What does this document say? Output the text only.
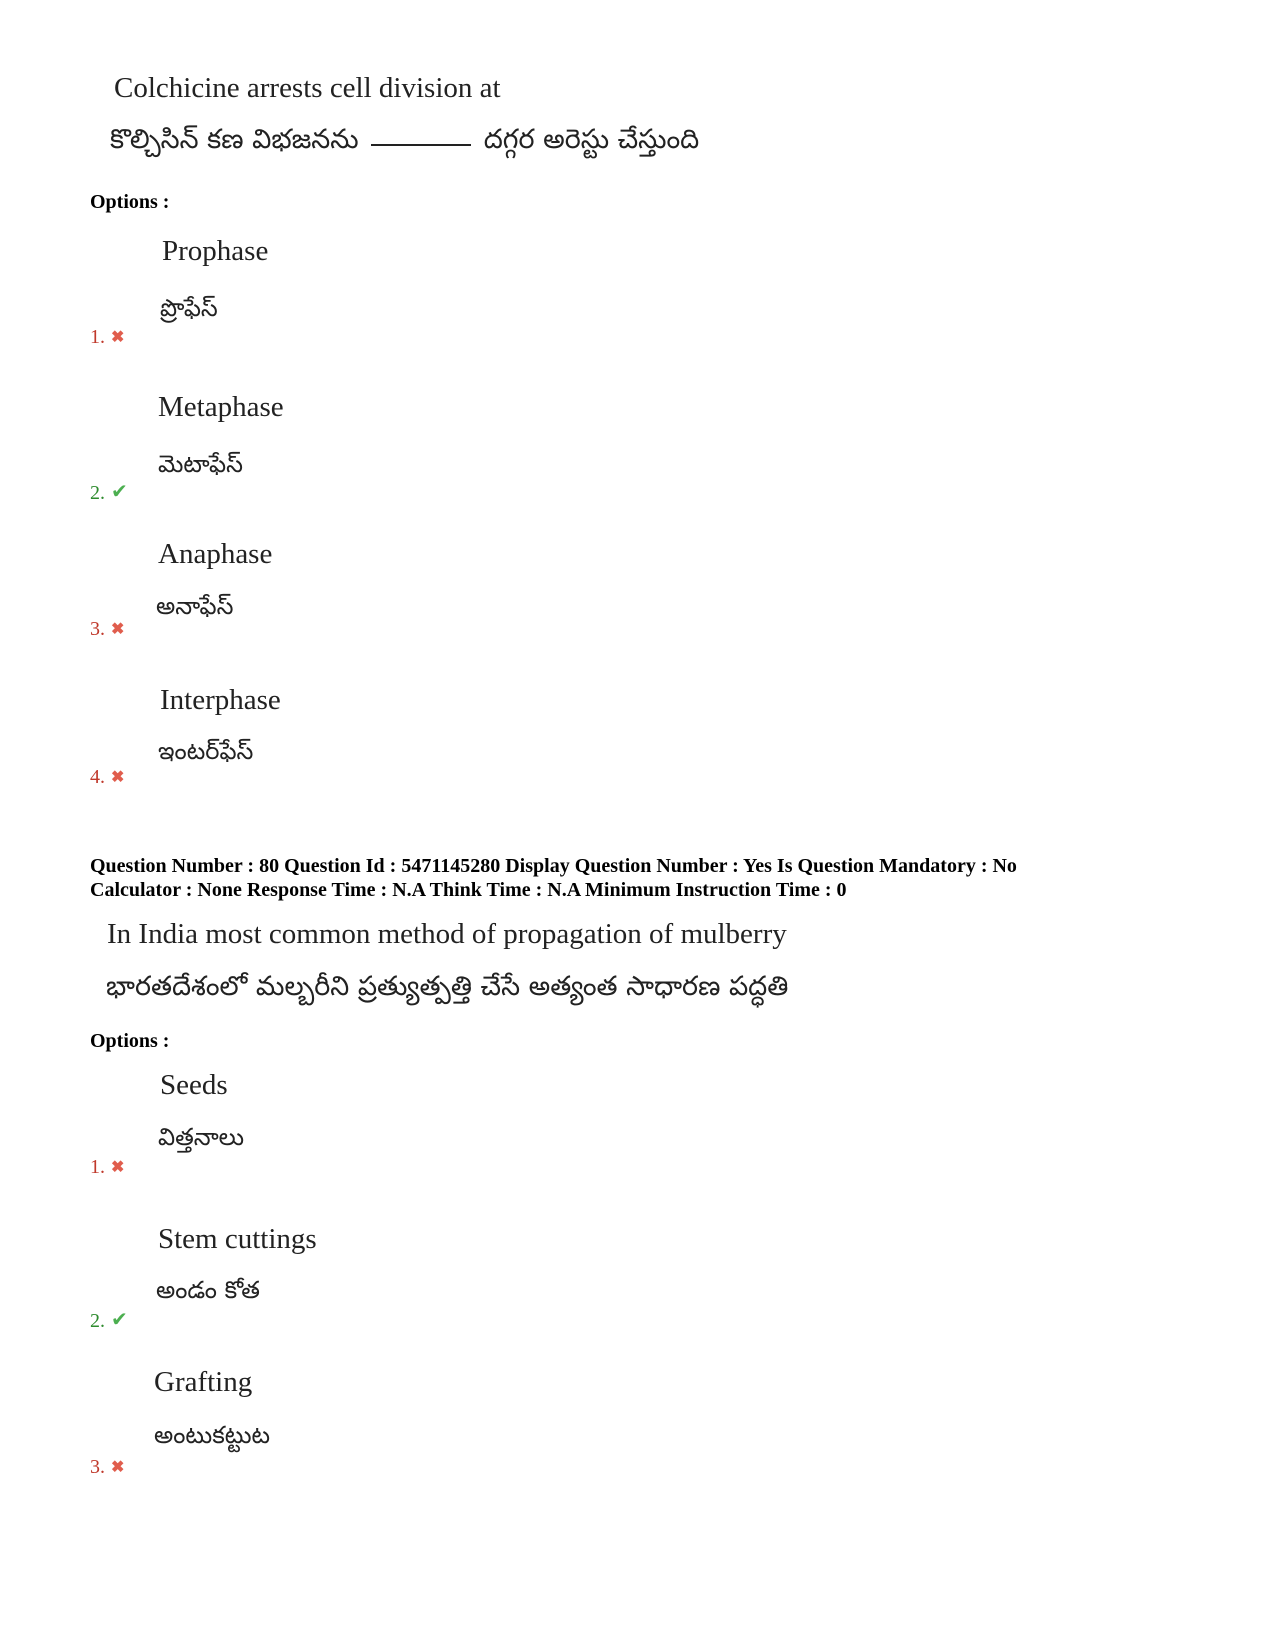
Colchicine arrests cell division at
కొల్చిసిన్ కణ విభజనను	దగ్గర అరెస్టు చేస్తుంది
Options :
Prophase
ప్రొఫేస్
1. ✖
Metaphase
మెటాఫేస్
2. ✔
Anaphase
అనాఫేస్
3. ✖
Interphase
ఇంటర్‌ఫేస్
4. ✖
Question Number : 80 Question Id : 5471145280 Display Question Number : Yes Is Question Mandatory : No
Calculator : None Response Time : N.A Think Time : N.A Minimum Instruction Time : 0
In India most common method of propagation of mulberry
భారతదేశంలో మల్బరీని ప్రత్యుత్పత్తి చేసే అత్యంత సాధారణ పద్ధతి
Options :
Seeds
విత్తనాలు
1. ✖
Stem cuttings
అండం కోత
2. ✔
Grafting
అంటుకట్టుట
3. ✖
